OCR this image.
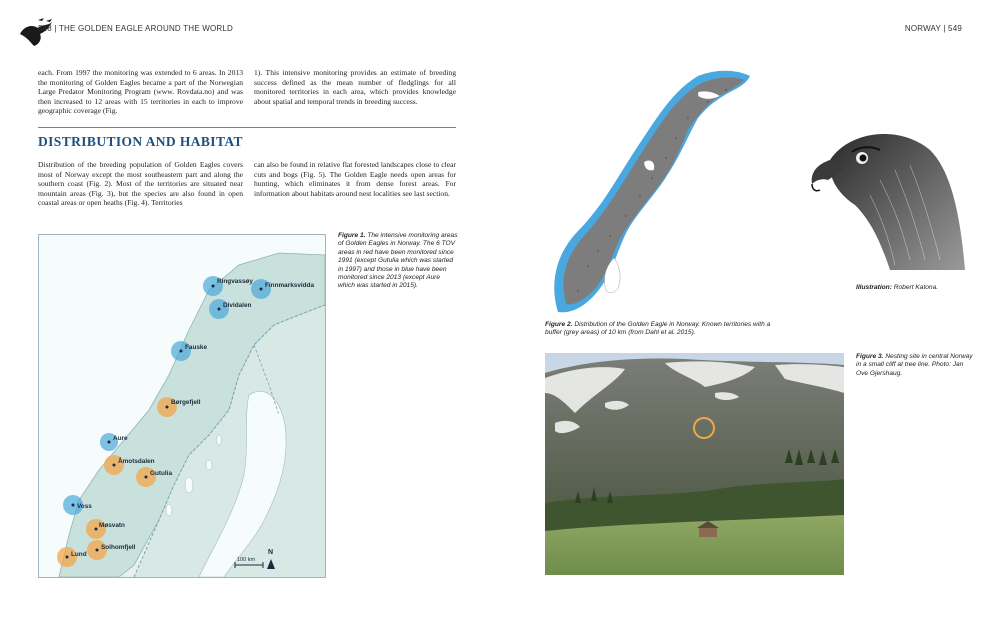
548 | THE GOLDEN EAGLE AROUND THE WORLD	NORWAY | 549
each. From 1997 the monitoring was extended to 6 areas. In 2013 the monitoring of Golden Eagles became a part of the Norwegian Large Predator Monitoring Program (www. Rovdata.no) and was then increased to 12 areas with 15 territories in each to improve geographic coverage (Fig.
1). This intensive monitoring provides an estimate of breeding success defined as the mean number of fledglings for all monitored territories in each area, which provides knowledge about spatial and temporal trends in breeding success.
DISTRIBUTION AND HABITAT
Distribution of the breeding population of Golden Eagles covers most of Norway except the most southeastern part and along the southern coast (Fig. 2). Most of the territories are situated near mountain areas (Fig. 3), but the species are also found in open coastal areas or open heaths (Fig. 4). Territories
can also be found in relative flat forested landscapes close to clear cuts and bogs (Fig. 5). The Golden Eagle needs open areas for hunting, which eliminates it from dense forest areas. For information about habitats around nest localities see last section.
Ringvassøy
Finnmarksvidda
Dividalen
Fauske
Aure
Voss
Børgefjell
Åmotsdalen
Gutulia
Møsvatn
Solhomfjell
Lund
100 km
N
Figure 1. The intensive monitoring areas of Golden Eagles in Norway. The 6 TOV areas in red have been monitored since 1991 (except Gutulia which was started in 1997) and those in blue have been monitored since 2013 (except Aure which was started in 2015).
Figure 2. Distribution of the Golden Eagle in Norway. Known territories with a buffer (grey areas) of 10 km (from Dahl et al. 2015).
Illustration: Robert Katona.
Figure 3. Nesting site in central Norway in a small cliff at tree line. Photo: Jan Ove Gjershaug.
